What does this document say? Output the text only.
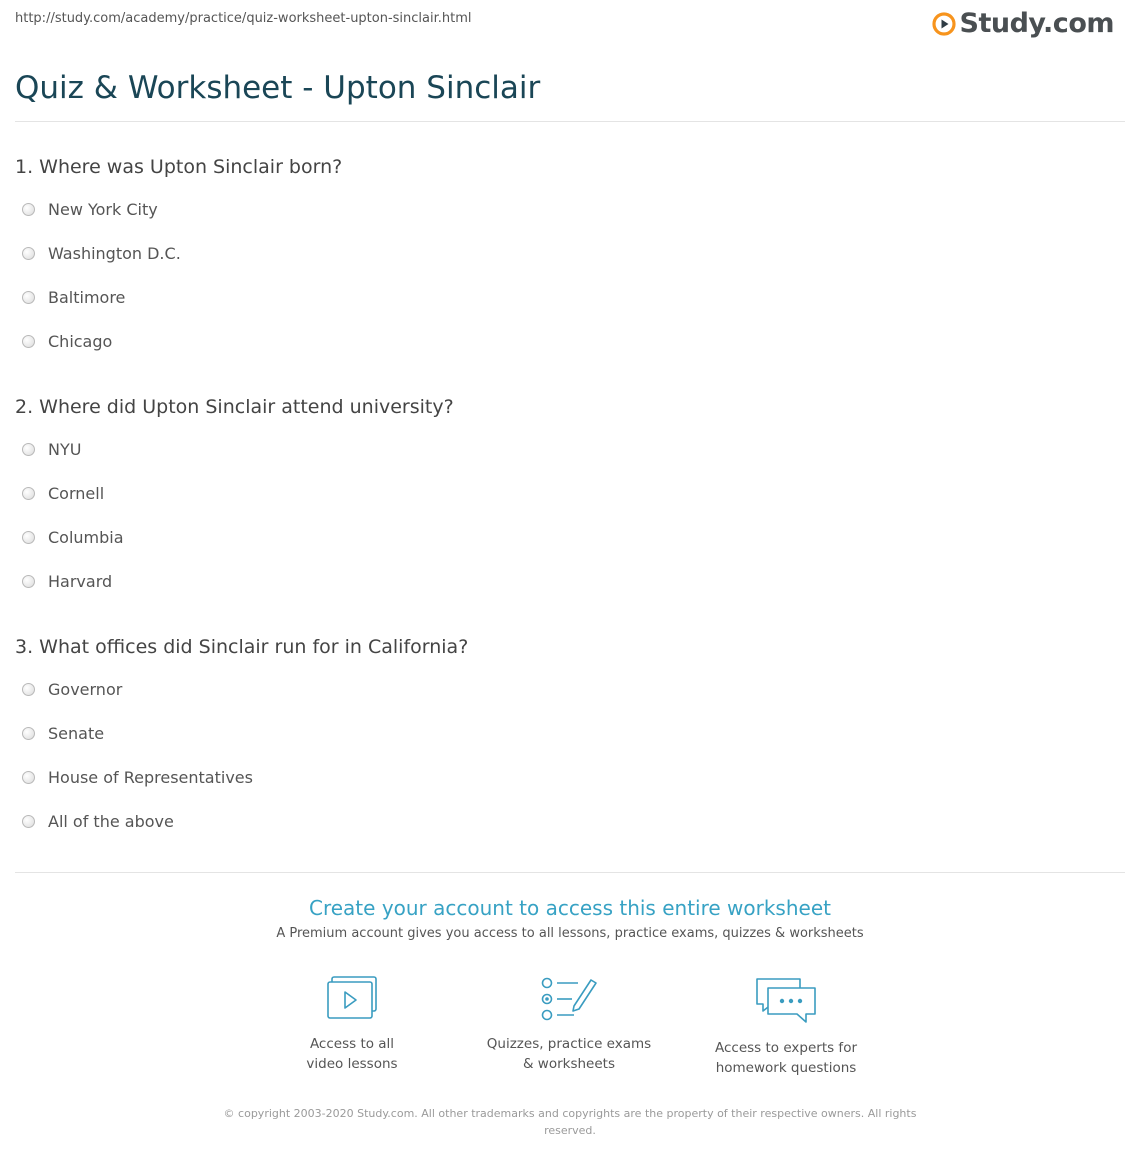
http://study.com/academy/practice/quiz-worksheet-upton-sinclair.html	Study.com
Quiz & Worksheet - Upton Sinclair
1. Where was Upton Sinclair born?
New York City
Washington D.C.
Baltimore
Chicago
2. Where did Upton Sinclair attend university?
NYU
Cornell
Columbia
Harvard
3. What offices did Sinclair run for in California?
Governor
Senate
House of Representatives
All of the above
Create your account to access this entire worksheet
A Premium account gives you access to all lessons, practice exams, quizzes & worksheets
Access to all
video lessons
Quizzes, practice exams
& worksheets
Access to experts for
homework questions
© copyright 2003-2020 Study.com. All other trademarks and copyrights are the property of their respective owners. All rights
reserved.
